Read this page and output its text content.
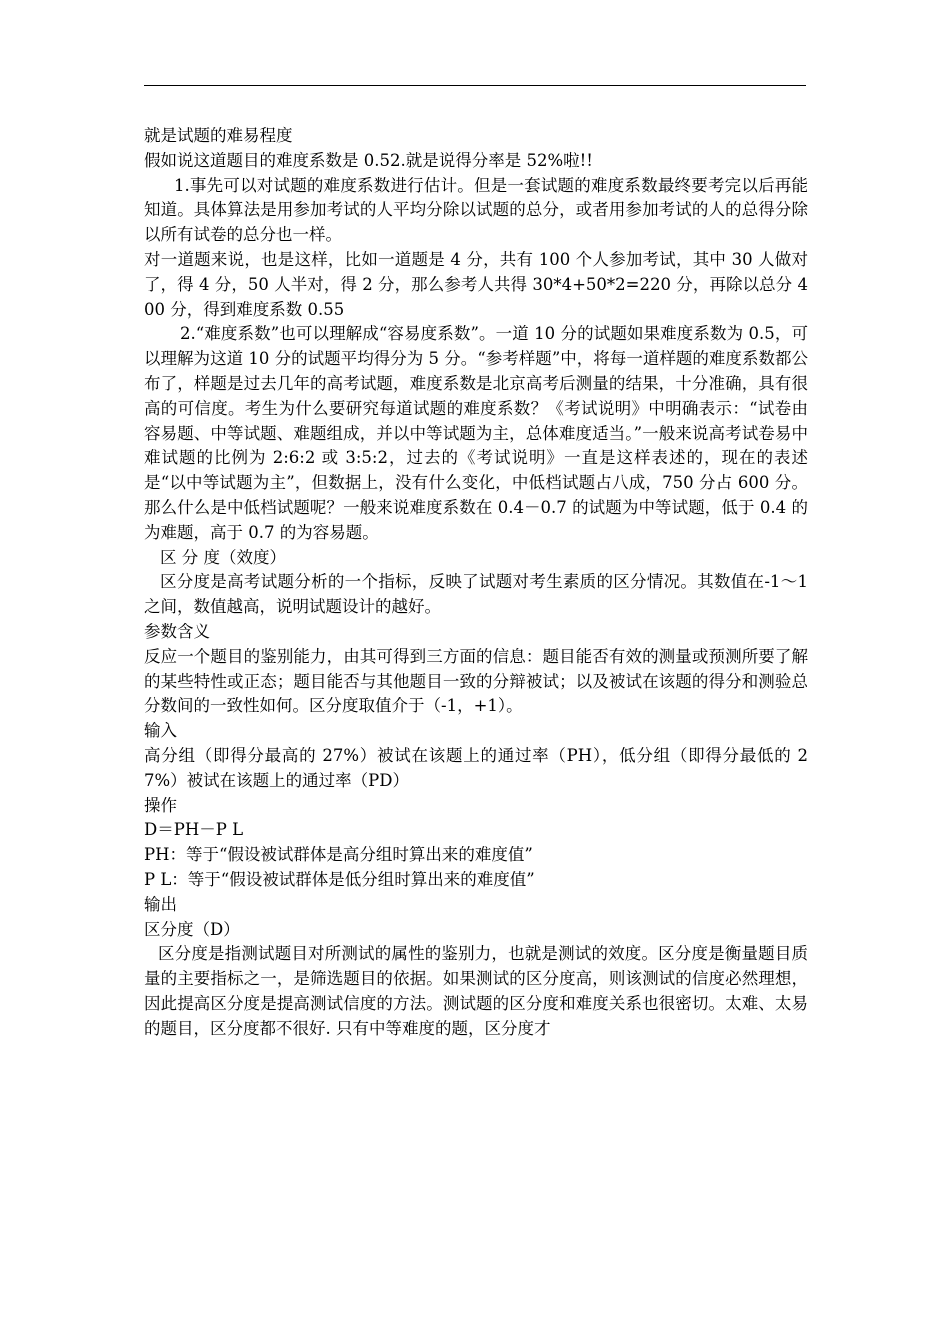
就是试题的难易程度

假如说这道题目的难度系数是 0.52.就是说得分率是 52%啦!!

1.事先可以对试题的难度系数进行估计。但是一套试题的难度系数最终要考完以后再能知道。具体算法是用参加考试的人平均分除以试题的总分，或者用参加考试的人的总得分除以所有试卷的总分也一样。

对一道题来说，也是这样，比如一道题是 4 分，共有 100 个人参加考试，其中 30 人做对了，得 4 分，50 人半对，得 2 分，那么参考人共得 30*4+50*2=220 分，再除以总分 400 分，得到难度系数 0.55

2.“难度系数”也可以理解成“容易度系数”。一道 10 分的试题如果难度系数为 0.5，可以理解为这道 10 分的试题平均得分为 5 分。“参考样题”中，将每一道样题的难度系数都公布了，样题是过去几年的高考试题，难度系数是北京高考后测量的结果，十分准确，具有很高的可信度。考生为什么要研究每道试题的难度系数？《考试说明》中明确表示：“试卷由容易题、中等试题、难题组成，并以中等试题为主，总体难度适当。”一般来说高考试卷易中难试题的比例为 2:6:2 或 3:5:2，过去的《考试说明》一直是这样表述的，现在的表述是“以中等试题为主”，但数据上，没有什么变化，中低档试题占八成，750 分占 600 分。那么什么是中低档试题呢？一般来说难度系数在 0.4－0.7 的试题为中等试题，低于 0.4 的为难题，高于 0.7 的为容易题。

区 分 度（效度）

区分度是高考试题分析的一个指标，反映了试题对考生素质的区分情况。其数值在-1～1 之间，数值越高，说明试题设计的越好。

参数含义

反应一个题目的鉴别能力，由其可得到三方面的信息：题目能否有效的测量或预测所要了解的某些特性或正态；题目能否与其他题目一致的分辩被试；以及被试在该题的得分和测验总分数间的一致性如何。区分度取值介于（-1，+1）。

输入

高分组（即得分最高的 27%）被试在该题上的通过率（PH），低分组（即得分最低的 27%）被试在该题上的通过率（PD）

操作

D＝PH－P L

PH：等于“假设被试群体是高分组时算出来的难度值”

P L：等于“假设被试群体是低分组时算出来的难度值”

输出

区分度（D）

区分度是指测试题目对所测试的属性的鉴别力，也就是测试的效度。区分度是衡量题目质量的主要指标之一，是筛选题目的依据。如果测试的区分度高，则该测试的信度必然理想，因此提高区分度是提高测试信度的方法。测试题的区分度和难度关系也很密切。太难、太易的题目，区分度都不很好. 只有中等难度的题，区分度才
